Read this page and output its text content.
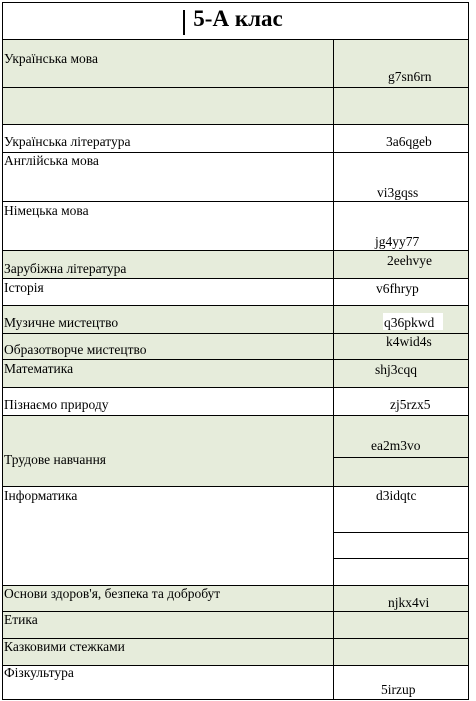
5-А клас
Українська мова
Українська література
Англійська мова
Німецька мова
Зарубіжна література
Історія
Музичне мистецтво
Образотворче мистецтво
Математика
Пізнаємо природу
Трудове навчання
Інформатика
Основи здоров'я, безпека та добробут
Етика
Казковими стежками
Фізкультура
g7sn6rn
3a6qgeb
vi3gqss
jg4yy77
2eehvye
v6fhryp
q36pkwd
k4wid4s
shj3cqq
zj5rzx5
ea2m3vo
d3idqtc
njkx4vi
5irzup
